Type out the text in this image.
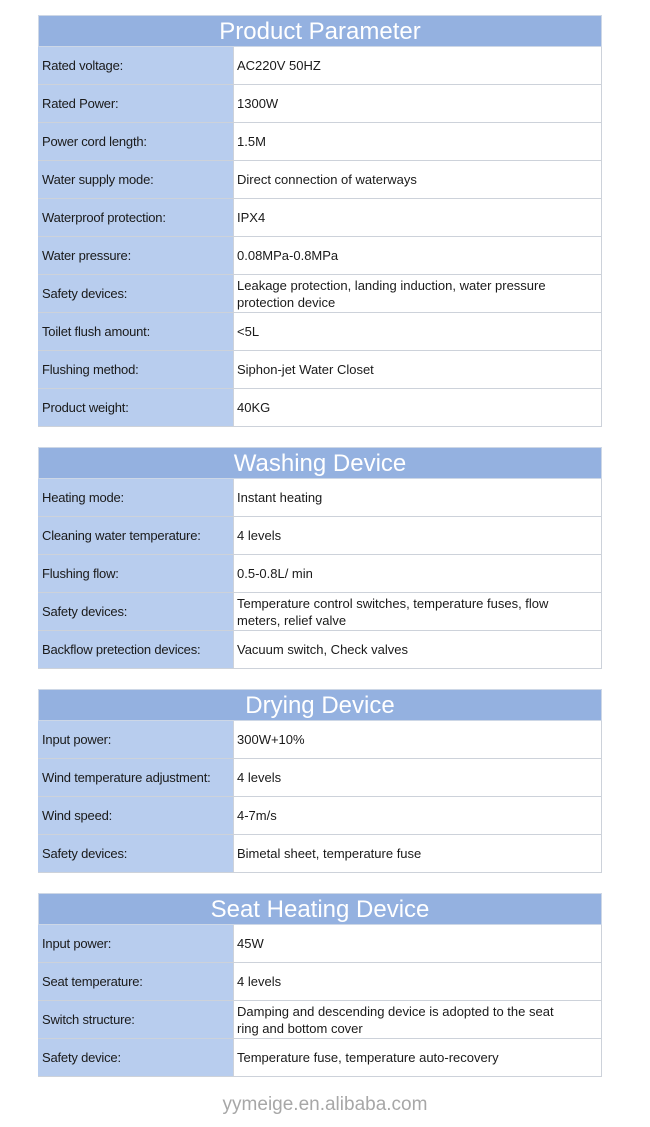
Product Parameter
Rated voltage:	AC220V 50HZ
Rated Power:	1300W
Power cord length:	1.5M
Water supply mode:	Direct connection of waterways
Waterproof protection:	IPX4
Water pressure:	0.08MPa-0.8MPa
Safety devices:
Leakage protection, landing induction, water pressure protection device
Toilet flush amount:	<5L
Flushing method:	Siphon-jet Water Closet
Product weight:	40KG
Washing Device
Heating mode:	Instant heating
Cleaning water temperature:	4 levels
Flushing flow:	0.5-0.8L/ min
Safety devices:
Temperature control switches, temperature fuses, flow meters, relief valve
Backflow pretection devices:	Vacuum switch, Check valves
Drying Device
Input power:	300W+10%
Wind temperature adjustment:	4 levels
Wind speed:	4-7m/s
Safety devices:	Bimetal sheet, temperature fuse
Seat Heating Device
Input power:	45W
Seat temperature:	4 levels
Switch structure:
Damping and descending device is adopted to the seat ring and bottom cover
Safety device:	Temperature fuse, temperature auto-recovery
yymeige.en.alibaba.com
